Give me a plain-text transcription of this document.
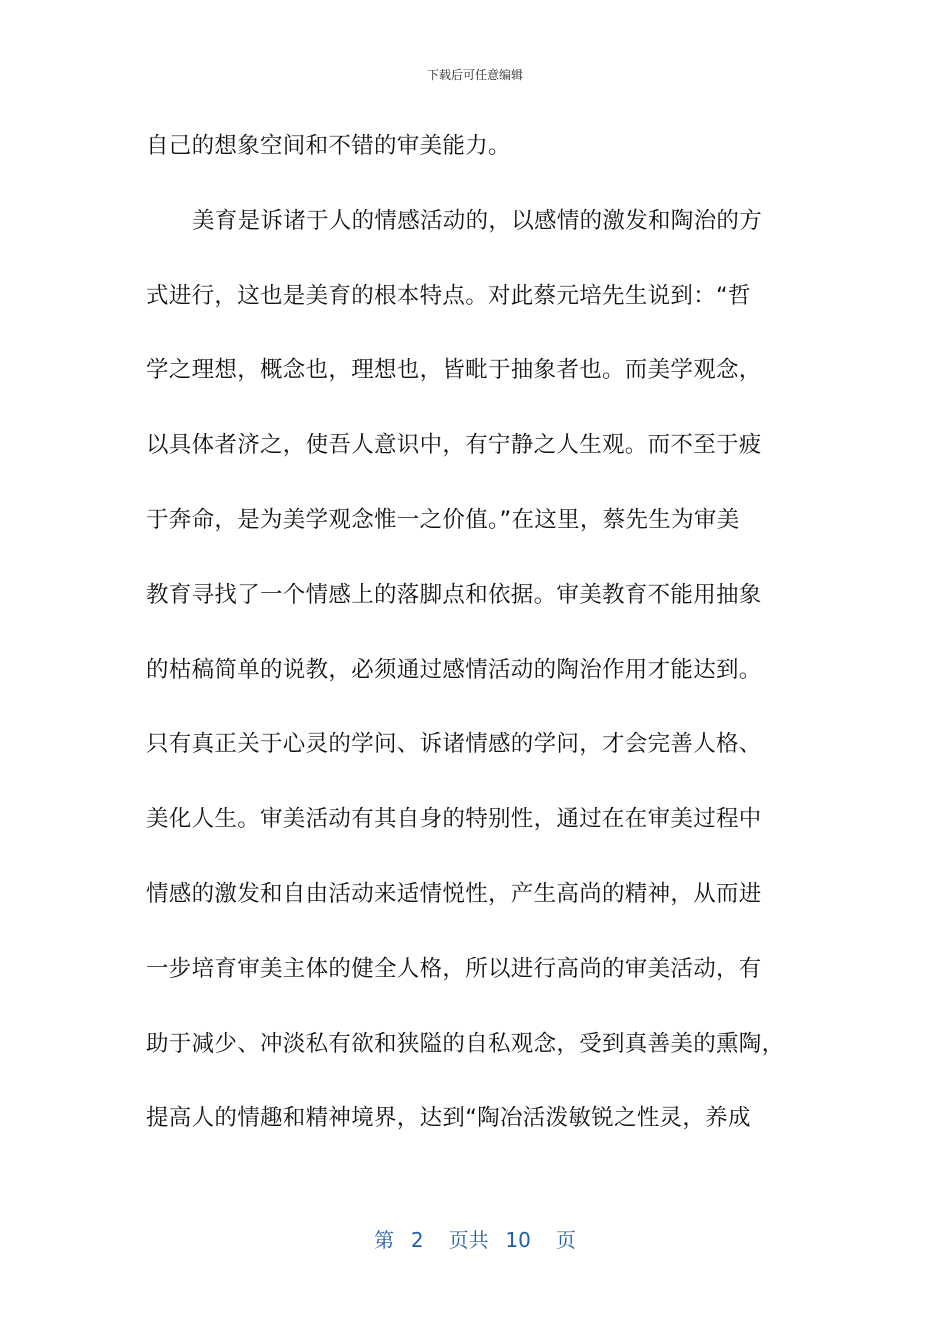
下载后可任意编辑
自己的想象空间和不错的审美能力。
美育是诉诸于人的情感活动的，以感情的激发和陶治的方
式进行，这也是美育的根本特点。对此蔡元培先生说到：“哲
学之理想，概念也，理想也，皆毗于抽象者也。而美学观念，
以具体者济之，使吾人意识中，有宁静之人生观。而不至于疲
于奔命，是为美学观念惟一之价值。”在这里，蔡先生为审美
教育寻找了一个情感上的落脚点和依据。审美教育不能用抽象
的枯稿简单的说教，必须通过感情活动的陶治作用才能达到。
只有真正关于心灵的学问、诉诸情感的学问，才会完善人格、
美化人生。审美活动有其自身的特别性，通过在在审美过程中
情感的激发和自由活动来适情悦性，产生高尚的精神，从而进
一步培育审美主体的健全人格，所以进行高尚的审美活动，有
助于减少、冲淡私有欲和狭隘的自私观念，受到真善美的熏陶，
提高人的情趣和精神境界，达到“陶冶活泼敏锐之性灵，养成
第  2   页共  10   页
